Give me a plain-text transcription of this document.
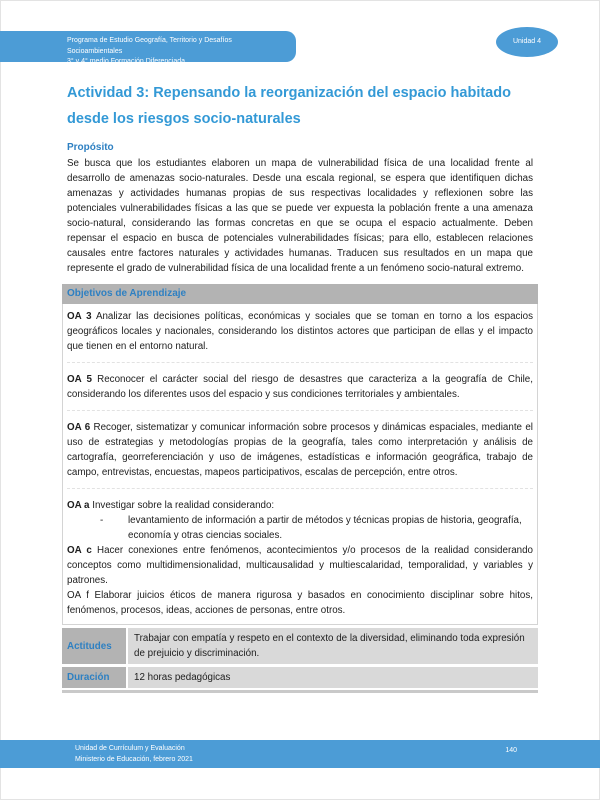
Programa de Estudio Geografía, Territorio y Desafíos Socioambientales
3° y 4° medio Formación Diferenciada
Unidad 4
Actividad 3: Repensando la reorganización del espacio habitado desde los riesgos socio-naturales
Propósito

Se busca que los estudiantes elaboren un mapa de vulnerabilidad física de una localidad frente al desarrollo de amenazas socio-naturales. Desde una escala regional, se espera que identifiquen dichas amenazas y actividades humanas propias de sus respectivas localidades y reflexionen sobre las potenciales vulnerabilidades físicas a las que se puede ver expuesta la población frente a una amenaza socio-natural, considerando las formas concretas en que se ocupa el espacio actualmente. Deben repensar el espacio en busca de potenciales vulnerabilidades físicas; para ello, establecen relaciones causales entre factores naturales y actividades humanas. Traducen sus resultados en un mapa que represente el grado de vulnerabilidad física de una localidad frente a un fenómeno socio-natural extremo.

Objetivos de Aprendizaje

OA 3 Analizar las decisiones políticas, económicas y sociales que se toman en torno a los espacios geográficos locales y nacionales, considerando los distintos actores que participan de ellas y el impacto que tienen en el entorno natural.

OA 5 Reconocer el carácter social del riesgo de desastres que caracteriza a la geografía de Chile, considerando los diferentes usos del espacio y sus condiciones territoriales y ambientales.

OA 6 Recoger, sistematizar y comunicar información sobre procesos y dinámicas espaciales, mediante el uso de estrategias y metodologías propias de la geografía, tales como interpretación y análisis de cartografía, georreferenciación y uso de imágenes, estadísticas e información geográfica, trabajo de campo, entrevistas, encuestas, mapeos participativos, escalas de percepción, entre otros.

OA a Investigar sobre la realidad considerando:

-	levantamiento de información a partir de métodos y técnicas propias de historia, geografía, economía y otras ciencias sociales.

OA c Hacer conexiones entre fenómenos, acontecimientos y/o procesos de la realidad considerando conceptos como multidimensionalidad, multicausalidad y multiescalaridad, temporalidad, y variables y patrones.

OA f Elaborar juicios éticos de manera rigurosa y basados en conocimiento disciplinar sobre hitos, fenómenos, procesos, ideas, acciones de personas, entre otros.

Actitudes
Trabajar con empatía y respeto en el contexto de la diversidad, eliminando toda expresión de prejuicio y discriminación.
Duración	12 horas pedagógicas
Unidad de Currículum y Evaluación
Ministerio de Educación, febrero 2021
140
